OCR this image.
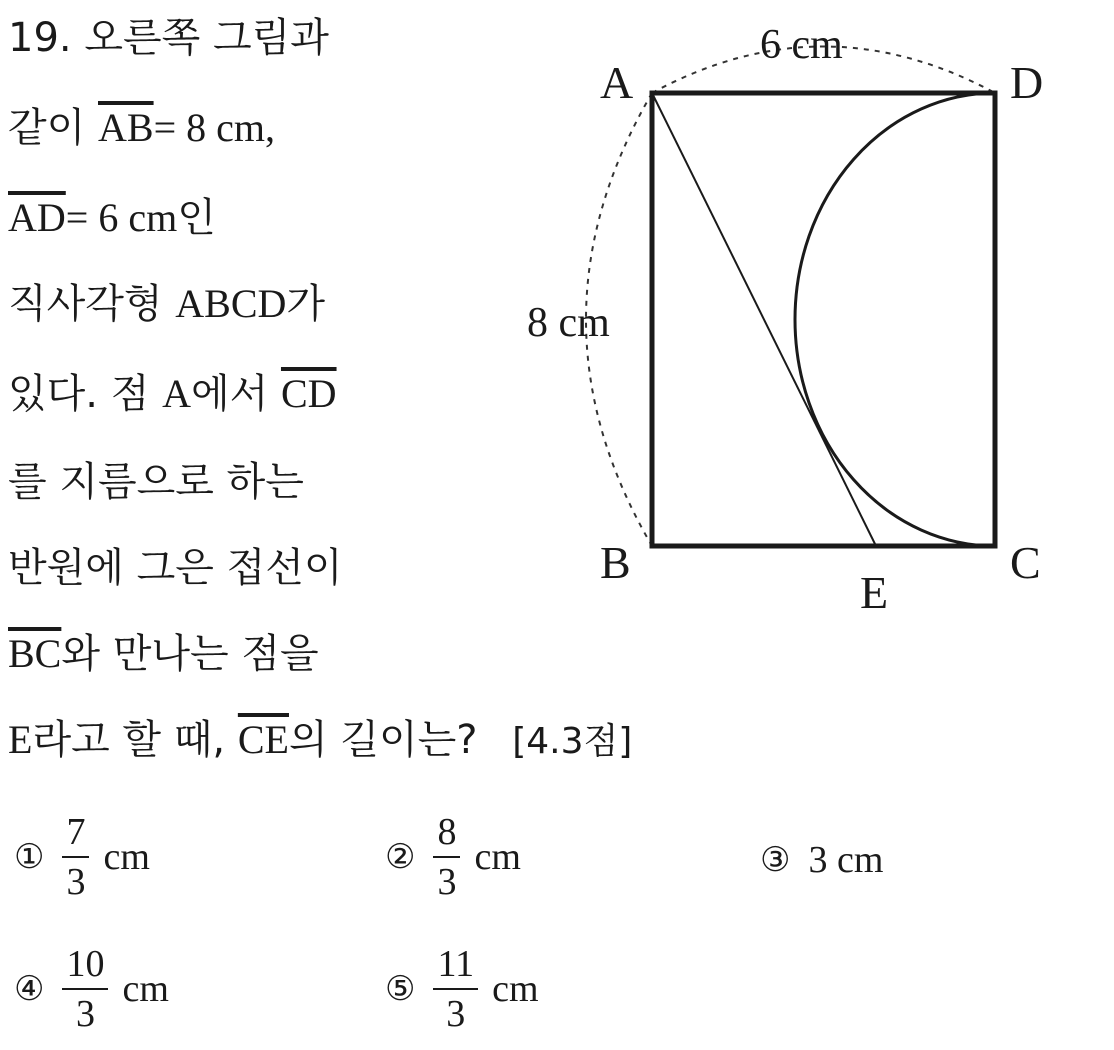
19. 오른쪽 그림과
같이 $\overline{AB}= 8$ cm,
$\overline{AD}= 6$ cm인
직사각형 ABCD가
있다. 점 A에서 $\overline{CD}$
를 지름으로 하는
반원에 그은 접선이
$\overline{BC}$와 만나는 점을
E라고 할 때, $\overline{CE}$의 길이는? [4.3점]
6 cm
8 cm
A
B	C
D
E
① $\frac{7}{3}$ cm	② $\frac{8}{3}$ cm	③ 3 cm
④ $\frac{10}{3}$ cm	⑤ $\frac{11}{3}$ cm
